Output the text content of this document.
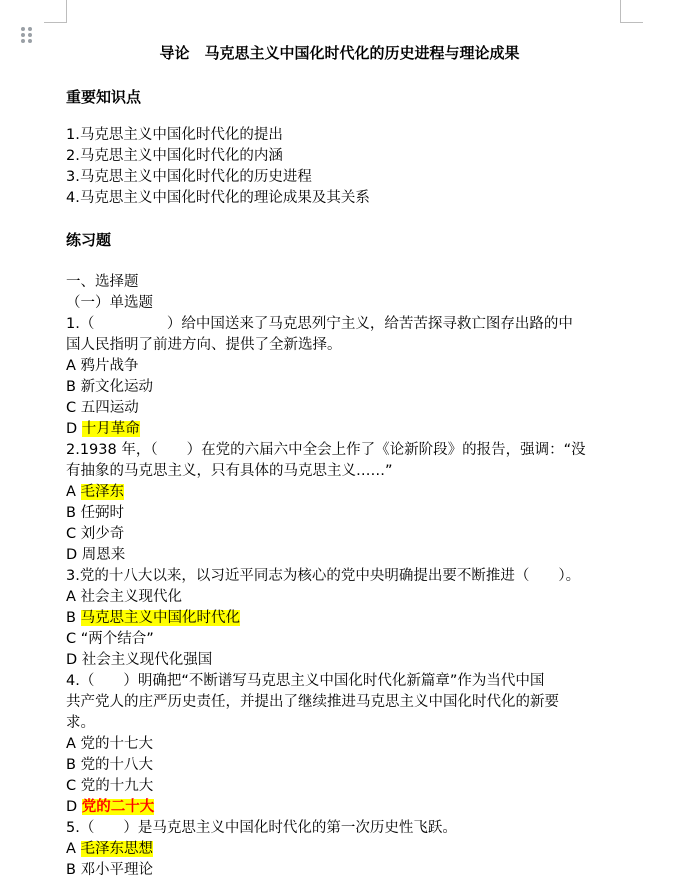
导论　马克思主义中国化时代化的历史进程与理论成果
重要知识点
1.马克思主义中国化时代化的提出
2.马克思主义中国化时代化的内涵
3.马克思主义中国化时代化的历史进程
4.马克思主义中国化时代化的理论成果及其关系
练习题
一、选择题
（一）单选题
1.（　　　　　）给中国送来了马克思列宁主义，给苦苦探寻救亡图存出路的中
国人民指明了前进方向、提供了全新选择。
A 鸦片战争
B 新文化运动
C 五四运动
D 十月革命
2.1938 年，（　　）在党的六届六中全会上作了《论新阶段》的报告，强调：“没
有抽象的马克思主义，只有具体的马克思主义……”
A 毛泽东
B 任弼时
C 刘少奇
D 周恩来
3.党的十八大以来，以习近平同志为核心的党中央明确提出要不断推进（　　）。
A 社会主义现代化
B 马克思主义中国化时代化
C “两个结合”
D 社会主义现代化强国
4.（　　）明确把“不断谱写马克思主义中国化时代化新篇章”作为当代中国
共产党人的庄严历史责任，并提出了继续推进马克思主义中国化时代化的新要
求。
A 党的十七大
B 党的十八大
C 党的十九大
D 党的二十大
5.（　　）是马克思主义中国化时代化的第一次历史性飞跃。
A 毛泽东思想
B 邓小平理论
